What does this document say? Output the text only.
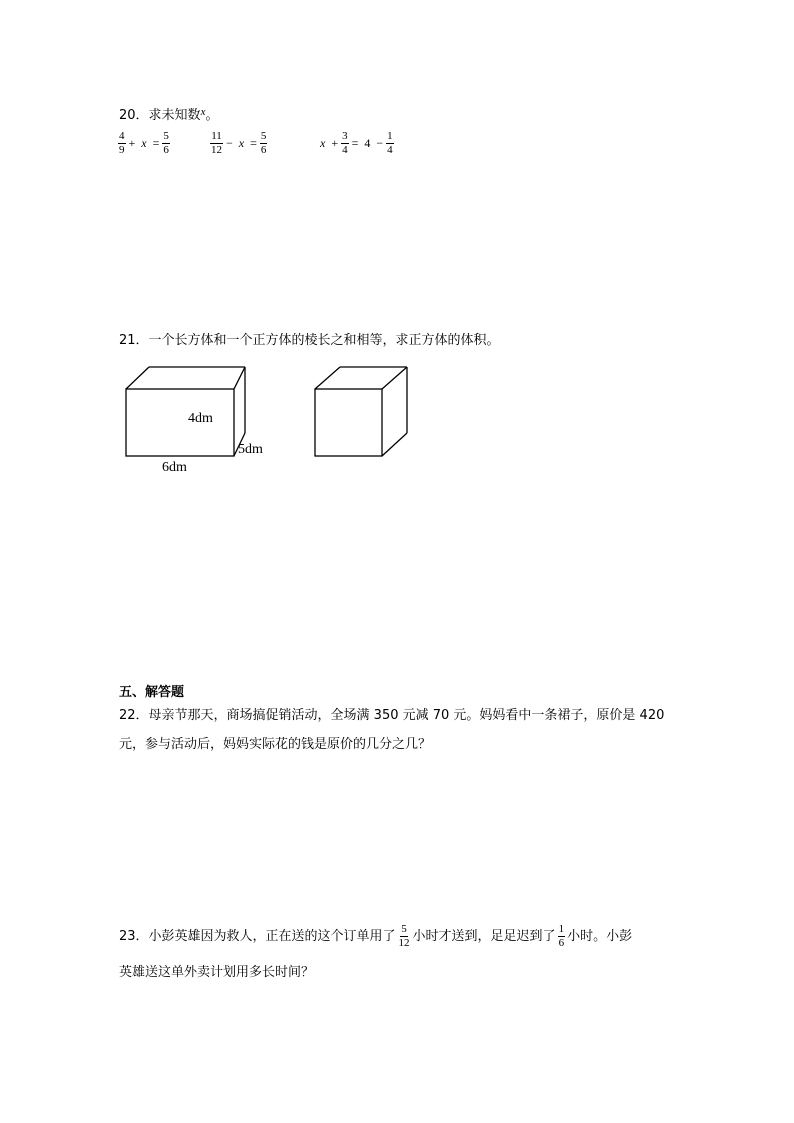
20．求未知数$^x$。
$\frac{4}{9} + x = \frac{5}{6}$	$\frac{11}{12} - x = \frac{5}{6}$	$x + \frac{3}{4} = 4 - \frac{1}{4}$
21．一个长方体和一个正方体的棱长之和相等，求正方体的体积。
4dm
5dm
6dm
五、解答题
22．母亲节那天，商场搞促销活动，全场满 350 元减 70 元。妈妈看中一条裙子，原价是 420
元，参与活动后，妈妈实际花的钱是原价的几分之几？
23．小彭英雄因为救人，正在送的这个订单用了 $\frac{5}{12}$ 小时才送到，足足迟到了 $\frac{1}{6}$ 小时。小彭
英雄送这单外卖计划用多长时间？
